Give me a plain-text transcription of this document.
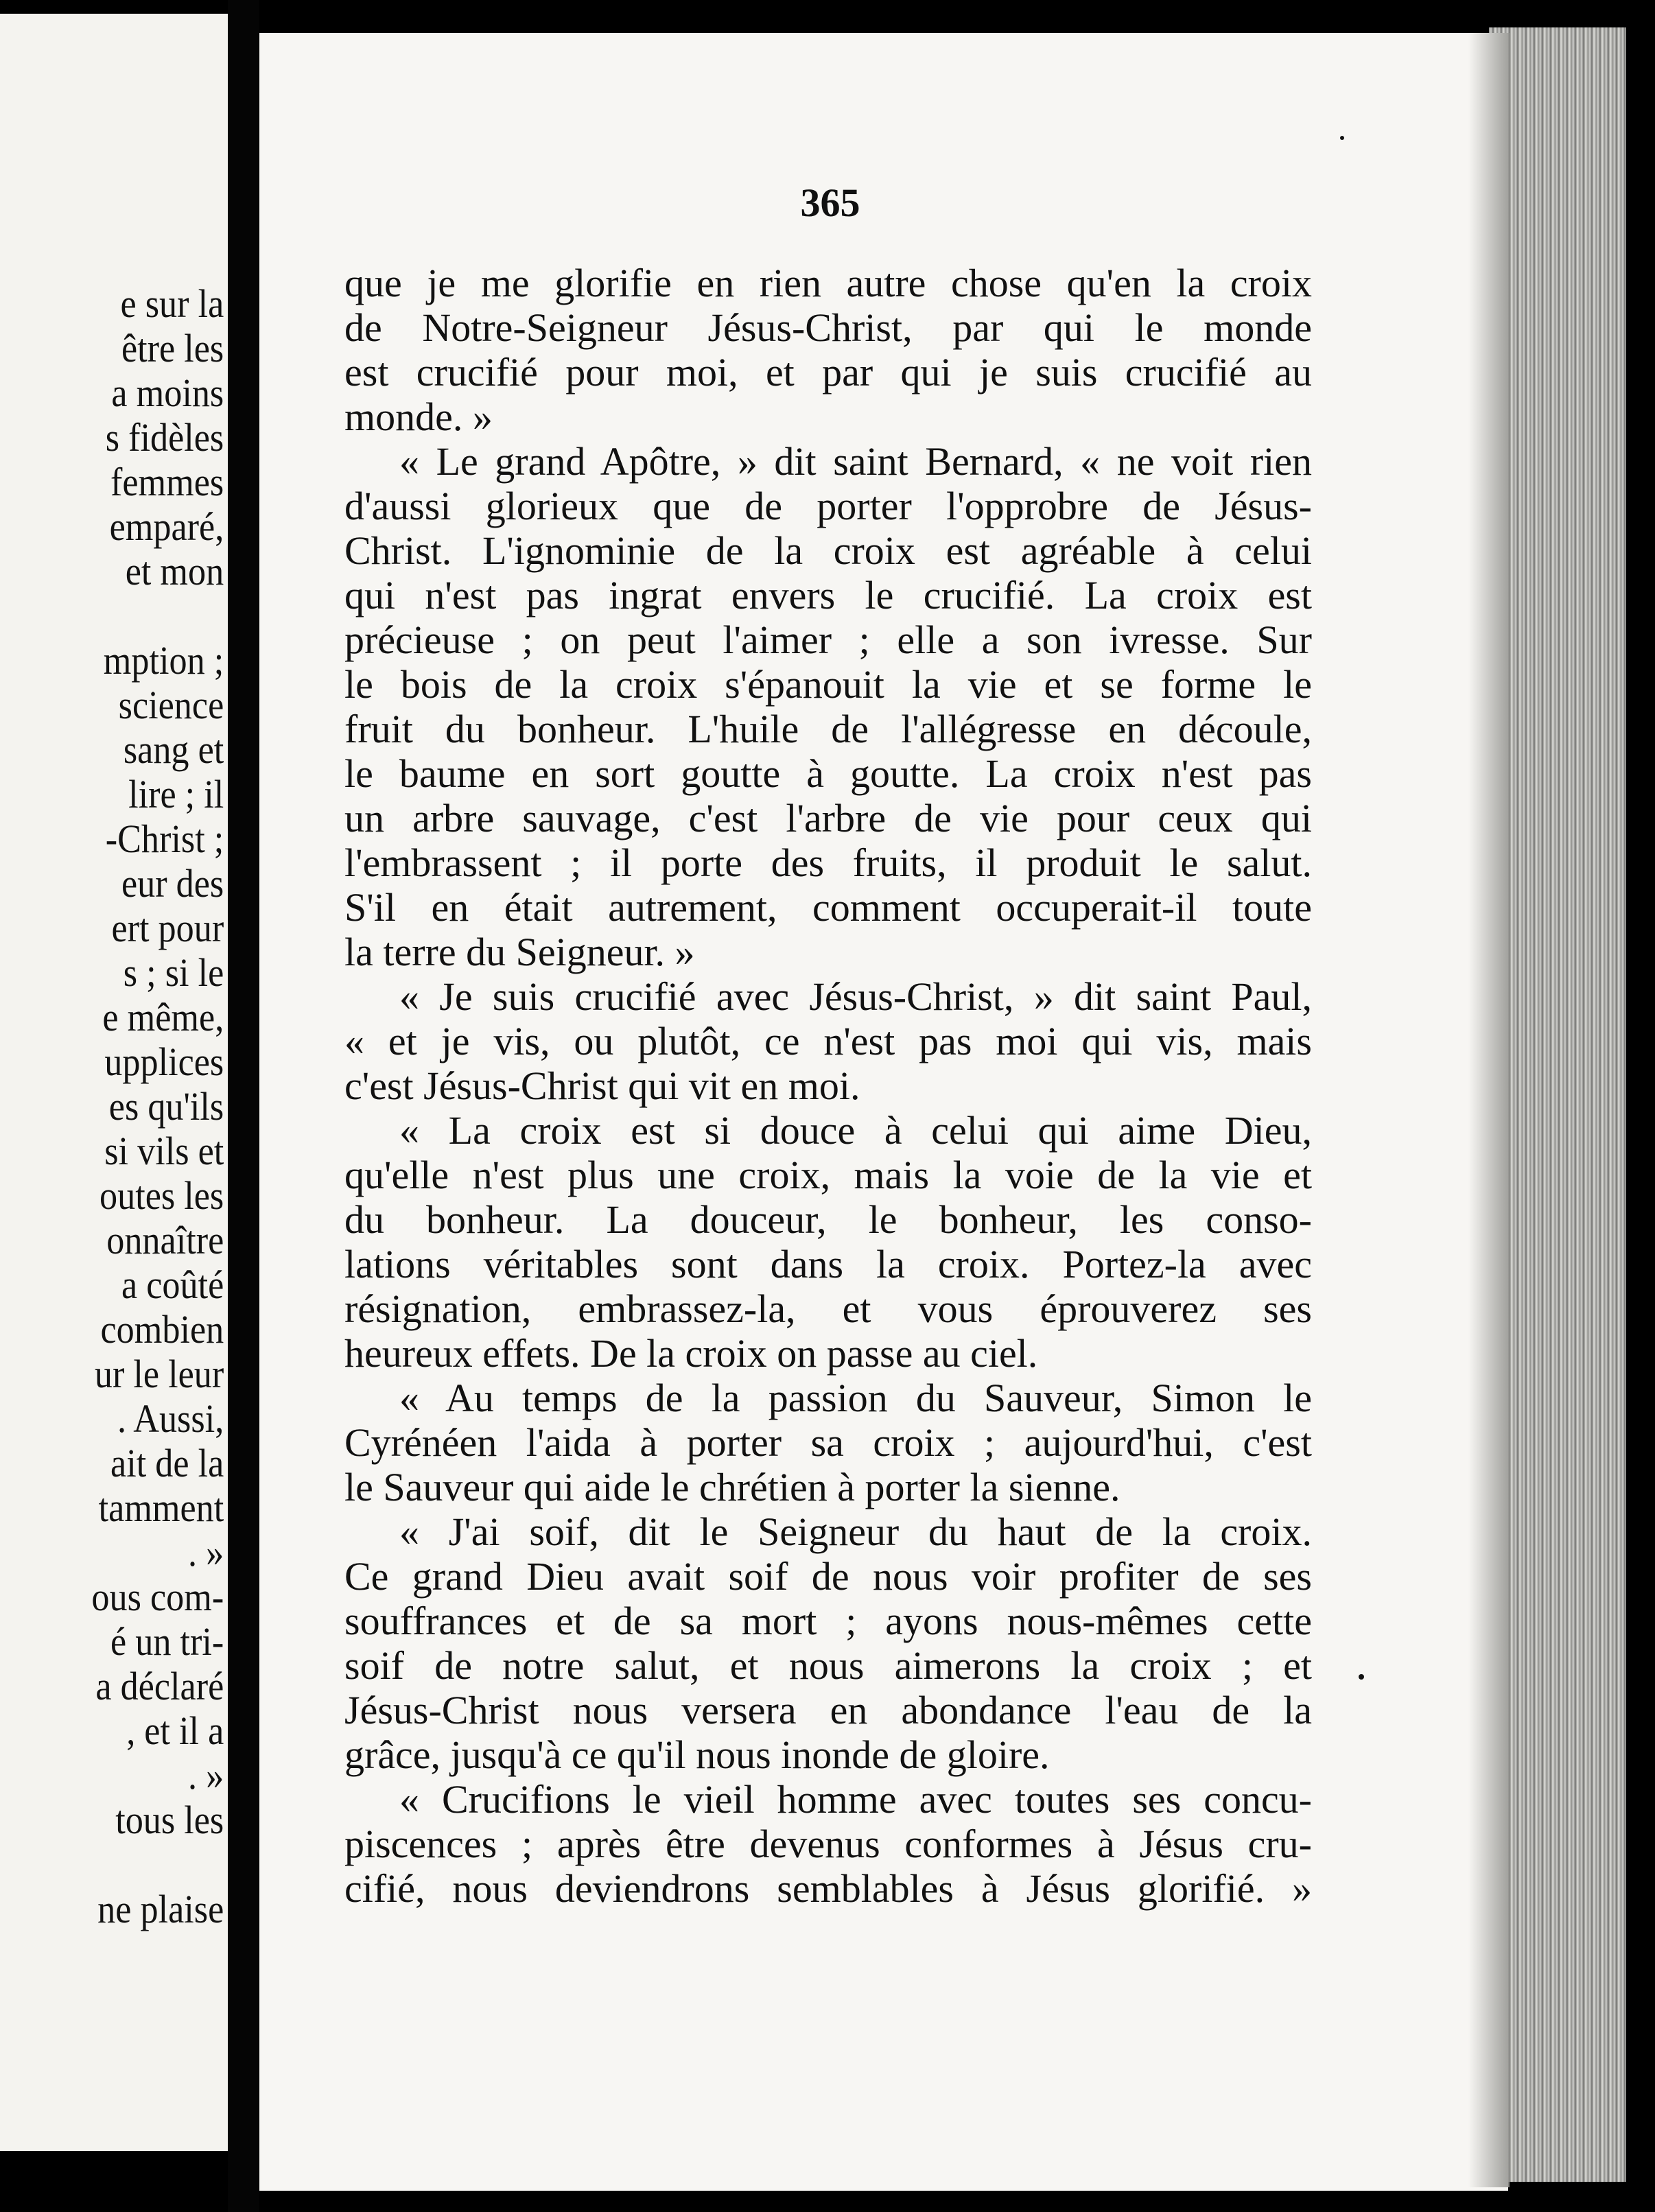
e sur la
être les
a moins
s fidèles
femmes
empаré,
et mon
mption ;
science
sang et
lire ; il
-Christ ;
eur des
ert pour
s ; si le
e même,
upplices
es qu'ils
si vils et
outes les
onnaître
a coûté
combien
ur le leur
. Aussi,
ait de la
tamment
. »
ous com-
é un tri-
a déclaré
, et il a
. »
tous les
ne plaise

365

que je me glorifie en rien autre chose qu'en la croix
de Notre-Seigneur Jésus-Christ, par qui le monde
est crucifié pour moi, et par qui je suis crucifié au
monde. »
« Le grand Apôtre, » dit saint Bernard, « ne voit rien
d'aussi glorieux que de porter l'opprobre de Jésus-
Christ. L'ignominie de la croix est agréable à celui
qui n'est pas ingrat envers le crucifié. La croix est
précieuse ; on peut l'aimer ; elle a son ivresse. Sur
le bois de la croix s'épanouit la vie et se forme le
fruit du bonheur. L'huile de l'allégresse en découle,
le baume en sort goutte à goutte. La croix n'est pas
un arbre sauvage, c'est l'arbre de vie pour ceux qui
l'embrassent ; il porte des fruits, il produit le salut.
S'il en était autrement, comment occuperait-il toute
la terre du Seigneur. »
« Je suis crucifié avec Jésus-Christ, » dit saint Paul,
« et je vis, ou plutôt, ce n'est pas moi qui vis, mais
c'est Jésus-Christ qui vit en moi.
« La croix est si douce à celui qui aime Dieu,
qu'elle n'est plus une croix, mais la voie de la vie et
du bonheur. La douceur, le bonheur, les conso-
lations véritables sont dans la croix. Portez-la avec
résignation, embrassez-la, et vous éprouverez ses
heureux effets. De la croix on passe au ciel.
« Au temps de la passion du Sauveur, Simon le
Cyrénéen l'aida à porter sa croix ; aujourd'hui, c'est
le Sauveur qui aide le chrétien à porter la sienne.
« J'ai soif, dit le Seigneur du haut de la croix.
Ce grand Dieu avait soif de nous voir profiter de ses
souffrances et de sa mort ; ayons nous-mêmes cette
soif de notre salut, et nous aimerons la croix ; et
Jésus-Christ nous versera en abondance l'eau de la
grâce, jusqu'à ce qu'il nous inonde de gloire.
« Crucifions le vieil homme avec toutes ses concu-
piscences ; après être devenus conformes à Jésus cru-
cifié, nous deviendrons semblables à Jésus glorifié. »
